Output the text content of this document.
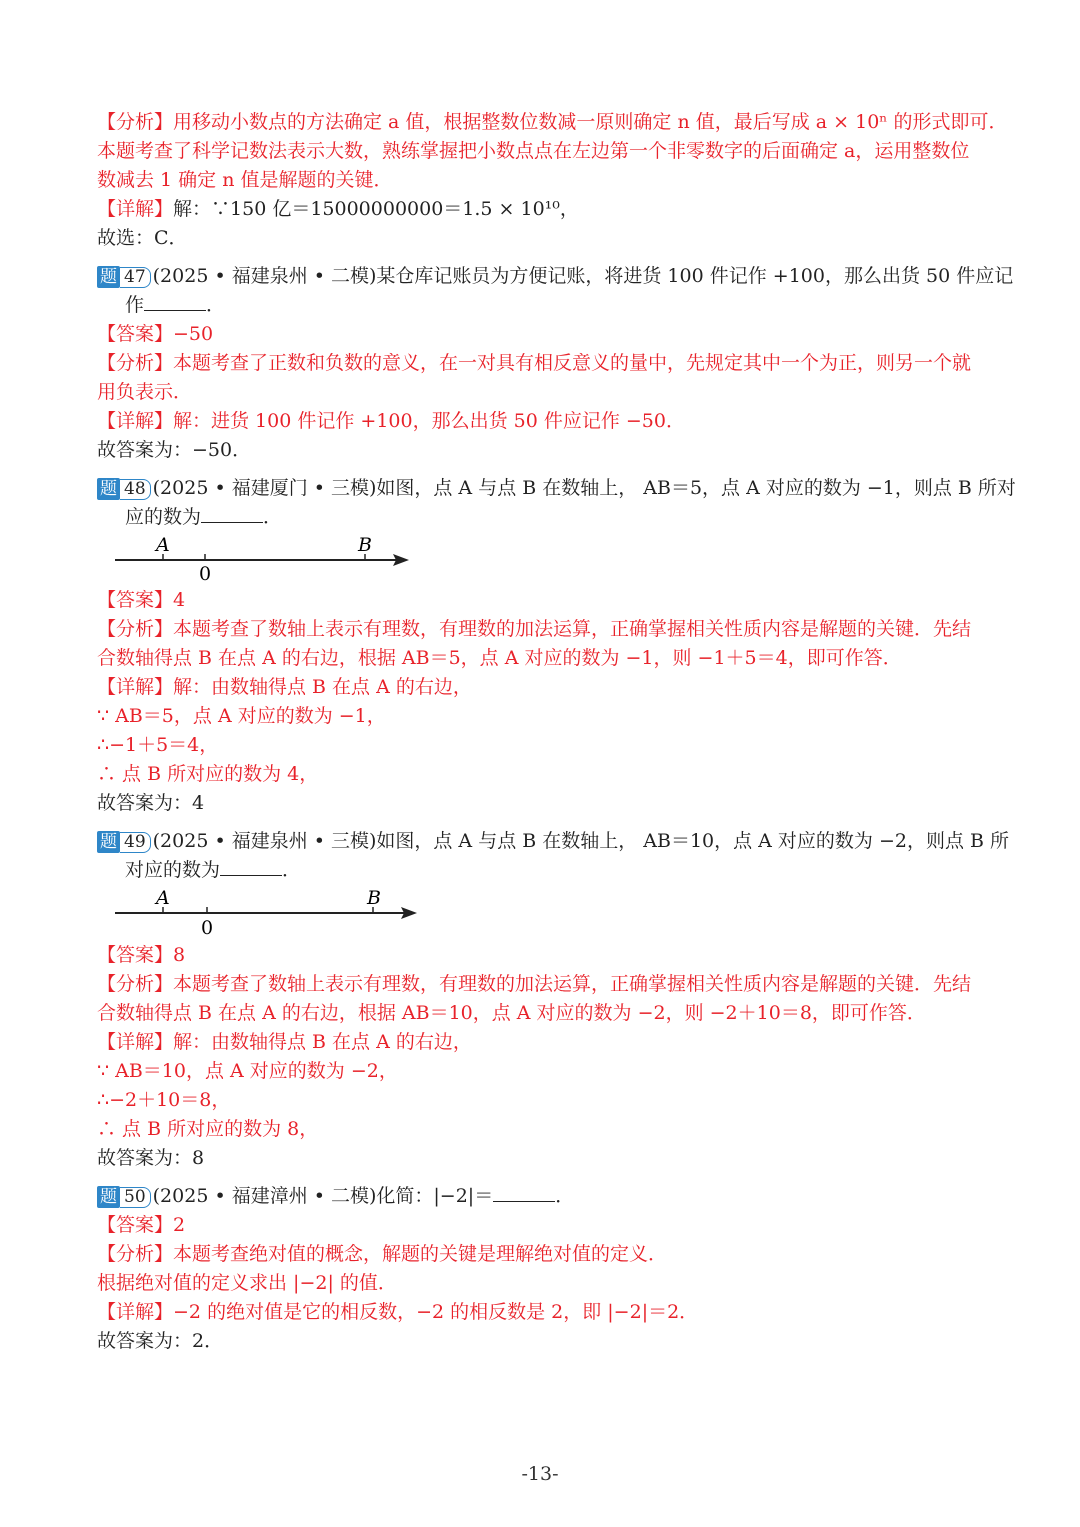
【分析】用移动小数点的方法确定 a 值，根据整数位数减一原则确定 n 值，最后写成 a × 10ⁿ 的形式即可．
本题考查了科学记数法表示大数，熟练掌握把小数点点在左边第一个非零数字的后面确定 a，运用整数位
数减去 1 确定 n 值是解题的关键．
【详解】解：∵150 亿＝15000000000＝1.5 × 10¹⁰，
故选：C．
题 47 (2025 • 福建泉州 • 二模)某仓库记账员为方便记账，将进货 100 件记作 +100，那么出货 50 件应记
作	．
【答案】−50
【分析】本题考查了正数和负数的意义，在一对具有相反意义的量中，先规定其中一个为正，则另一个就
用负表示．
【详解】解：进货 100 件记作 +100，那么出货 50 件应记作 −50．
故答案为：−50．
题 48 (2025 • 福建厦门 • 三模)如图，点 A 与点 B 在数轴上， AB＝5，点 A 对应的数为 −1，则点 B 所对
应的数为	．
A
0
B
【答案】4
【分析】本题考查了数轴上表示有理数，有理数的加法运算，正确掌握相关性质内容是解题的关键．先结
合数轴得点 B 在点 A 的右边，根据 AB＝5，点 A 对应的数为 −1，则 −1＋5＝4，即可作答．
【详解】解：由数轴得点 B 在点 A 的右边，
∵ AB＝5，点 A 对应的数为 −1，
∴−1＋5＝4，
∴ 点 B 所对应的数为 4，
故答案为：4
题 49 (2025 • 福建泉州 • 三模)如图，点 A 与点 B 在数轴上， AB＝10，点 A 对应的数为 −2，则点 B 所
对应的数为	．
A
0
B
【答案】8
【分析】本题考查了数轴上表示有理数，有理数的加法运算，正确掌握相关性质内容是解题的关键．先结
合数轴得点 B 在点 A 的右边，根据 AB＝10，点 A 对应的数为 −2，则 −2＋10＝8，即可作答．
【详解】解：由数轴得点 B 在点 A 的右边，
∵ AB＝10，点 A 对应的数为 −2，
∴−2＋10＝8，
∴ 点 B 所对应的数为 8，
故答案为：8
题 50 (2025 • 福建漳州 • 二模)化简：|−2|＝	．
【答案】2
【分析】本题考查绝对值的概念，解题的关键是理解绝对值的定义．
根据绝对值的定义求出 |−2| 的值．
【详解】−2 的绝对值是它的相反数，−2 的相反数是 2，即 |−2|＝2．
故答案为：2．
-13-
